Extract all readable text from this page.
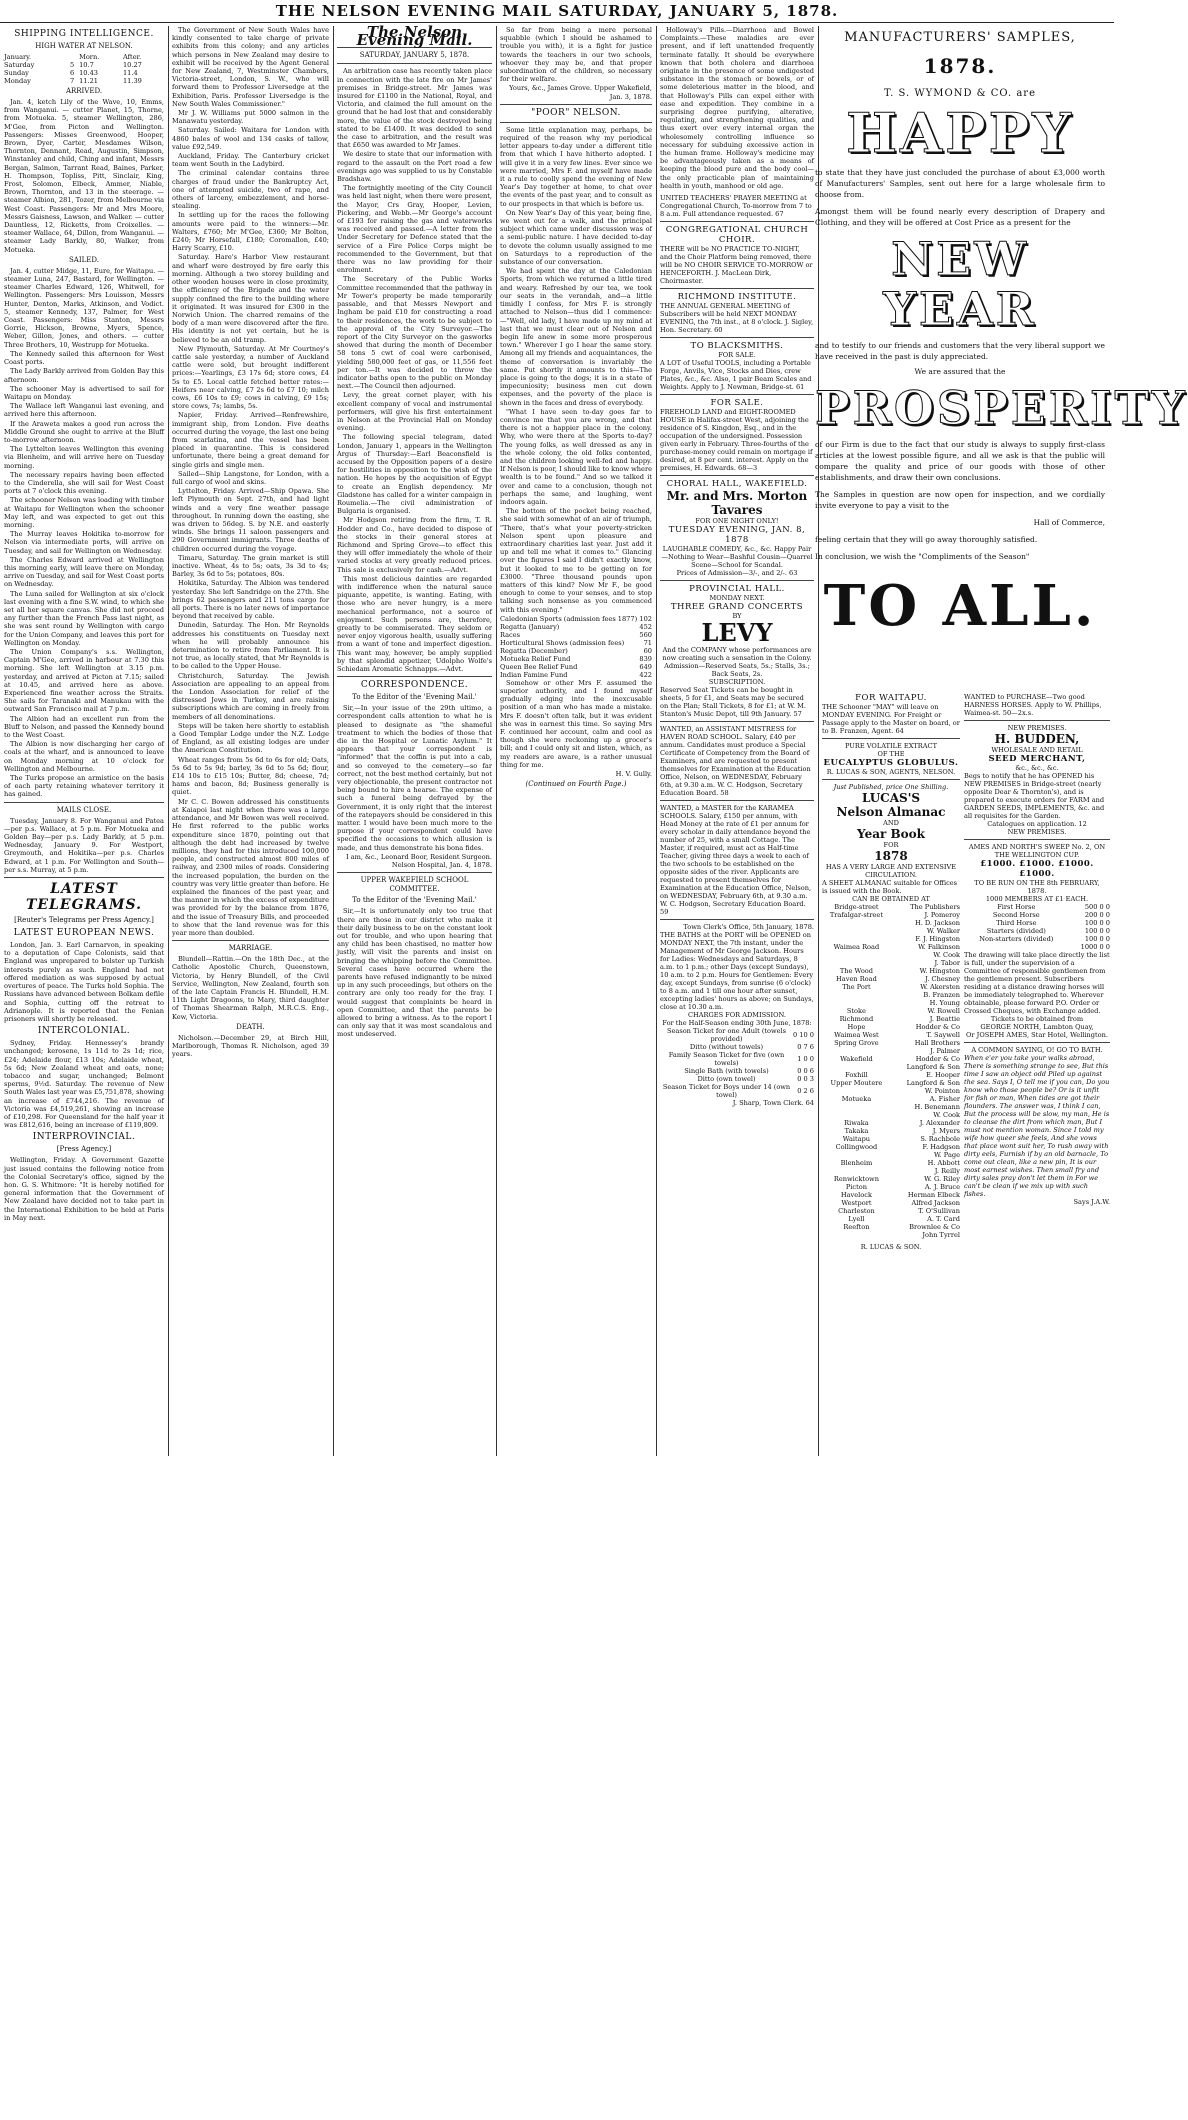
THE NELSON EVENING MAIL SATURDAY, JANUARY 5, 1878.
SHIPPING INTELLIGENCE.
HIGH WATER AT NELSON.
January.		Morn.	After.
Saturday	5	10.7	10.27
Sunday	6	10.43	11.4
Monday	7	11.21	11.39
ARRIVED.

Jan. 4, ketch Lily of the Wave, 10, Emms, from Wanganui. — cutter Planet, 15, Thorne, from Motueka. 5, steamer Wellington, 286, M'Gee, from Picton and Wellington. Passengers: Misses Greenwood, Hooper, Brown, Dyer, Carter, Mesdames Wilson, Thornton, Dennant, Read, Augustin, Simpson, Winstanley and child, Ching and infant, Messrs Bergan, Salmon, Tarrant Read, Baines, Parker, H. Thompson, Topliss, Pitt, Sinclair, King, Frost, Solomon, Elbeck, Ammer, Niable, Brown, Thornton, and 13 in the steerage. — steamer Albion, 281, Tozer, from Melbourne via West Coast. Passengers: Mr and Mrs Moore, Messrs Gaisness, Lawson, and Walker. — cutter Dauntless, 12, Ricketts, from Croixelles. — steamer Wallace, 64, Dillon, from Wanganui. — steamer Lady Barkly, 80, Walker, from Motueka.

SAILED.

Jan. 4, cutter Midge, 11, Eure, for Waitapu. — steamer Luna, 247, Bastard, for Wellington. — steamer Charles Edward, 126, Whitwell, for Wellington. Passengers: Mrs Louisson, Messrs Hunter, Denton, Marks, Atkinson, and Vodict. 5, steamer Kennedy, 137, Palmer, for West Coast. Passengers: Miss Stanton, Messrs Gorrie, Hickson, Browne, Myers, Spence, Weber, Gillon, Jones, and others. — cutter Three Brothers, 10, Westrupp for Motueka.

The Kennedy sailed this afternoon for West Coast ports.

The Lady Barkly arrived from Golden Bay this afternoon.

The schooner May is advertised to sail for Waitapu on Monday.

The Wallace left Wanganui last evening, and arrived here this afternoon.

If the Araweta makes a good run across the Middle Ground she ought to arrive at the Bluff to-morrow afternoon.

The Lyttelton leaves Wellington this evening via Blenheim, and will arrive here on Tuesday morning.

The necessary repairs having been effected to the Cinderella, she will sail for West Coast ports at 7 o'clock this evening.

The schooner Nelson was loading with timber at Waitapu for Wellington when the schooner May left, and was expected to get out this morning.

The Murray leaves Hokitika to-morrow for Nelson via intermediate ports, will arrive on Tuesday, and sail for Wellington on Wednesday.

The Charles Edward arrived at Wellington this morning early, will leave there on Monday, arrive on Tuesday, and sail for West Coast ports on Wednesday.

The Luna sailed for Wellington at six o'clock last evening with a fine S.W. wind, to which she set all her square canvas. She did not proceed any further than the French Pass last night, as she was sent round by Wellington with cargo for the Union Company, and leaves this port for Wellington on Monday.

The Union Company's s.s. Wellington, Captain M'Gee, arrived in harbour at 7.30 this morning. She left Wellington at 3.15 p.m. yesterday, and arrived at Picton at 7.15; sailed at 10.45, and arrived here as above. Experienced fine weather across the Straits. She sails for Taranaki and Manukau with the outward San Francisco mail at 7 p.m.

The Albion had an excellent run from the Bluff to Nelson, and passed the Kennedy bound to the West Coast.

The Albion is now discharging her cargo of coals at the wharf, and is announced to leave on Monday morning at 10 o'clock for Wellington and Melbourne.

The Turks propose an armistice on the basis of each party retaining whatever territory it has gained.

MAILS CLOSE.

Tuesday, January 8. For Wanganui and Patea—per p.s. Wallace, at 5 p.m. For Motueka and Golden Bay—per p.s. Lady Barkly, at 5 p.m. Wednesday, January 9. For Westport, Greymouth, and Hokitika—per p.s. Charles Edward, at 1 p.m. For Wellington and South—per s.s. Murray, at 5 p.m.

LATEST TELEGRAMS.
[Reuter's Telegrams per Press Agency.]
LATEST EUROPEAN NEWS.

London, Jan. 3. Earl Carnarvon, in speaking to a deputation of Cape Colonists, said that England was unprepared to bolster up Turkish interests purely as such. England had not offered mediation as was supposed by actual overtures of peace. The Turks hold Sophia. The Russians have advanced between Bolkam defile and Sophia, cutting off the retreat to Adrianople. It is reported that the Fenian prisoners will shortly be released.

INTERCOLONIAL.

Sydney, Friday. Hennessey's brandy unchanged; kerosene, 1s 11d to 2s 1d; rice, £24; Adelaide flour, £13 10s; Adelaide wheat, 5s 6d; New Zealand wheat and oats, none; tobacco and sugar, unchanged; Belmont sperms, 9½d. Saturday. The revenue of New South Wales last year was £5,751,878, showing an increase of £744,216. The revenue of Victoria was £4,519,261, showing an increase of £10,298. For Queensland for the half year it was £812,616, being an increase of £119,809.

INTERPROVINCIAL.
[Press Agency.]

Wellington, Friday. A Government Gazette just issued contains the following notice from the Colonial Secretary's office, signed by the hon. G. S. Whitmore: "It is hereby notified for general information that the Government of New Zealand have decided not to take part in the International Exhibition to be held at Paris in May next.

The Government of New South Wales have kindly consented to take charge of private exhibits from this colony; and any articles which persons in New Zealand may desire to exhibit will be received by the Agent General for New Zealand, 7, Westminster Chambers, Victoria-street, London, S. W., who will forward them to Professor Liversedge at the Exhibition, Paris. Professor Liversedge is the New South Wales Commissioner."

Mr J. W. Williams put 5000 salmon in the Manawatu yesterday.

Saturday. Sailed: Waitara for London with 4860 bales of wool and 134 casks of tallow, value £92,549.

Auckland, Friday. The Canterbury cricket team went South in the Ladybird.

The criminal calendar contains three charges of fraud under the Bankruptcy Act, one of attempted suicide, two of rape, and others of larceny, embezzlement, and horse-stealing.

In settling up for the races the following amounts were paid to the winners:—Mr. Walters, £760; Mr M'Gee, £360; Mr Bolton, £240; Mr Horsefall, £180; Coromallon, £40; Harry Scarry, £10.

Saturday. Hare's Harbor View restaurant and wharf were destroyed by fire early this morning. Although a two storey building and other wooden houses were in close proximity, the efficiency of the Brigade and the water supply confined the fire to the building where it originated. It was insured for £300 in the Norwich Union. The charred remains of the body of a man were discovered after the fire. His identity is not yet certain, but he is believed to be an old tramp.

New Plymouth, Saturday. At Mr Courtney's cattle sale yesterday, a number of Auckland cattle were sold, but brought indifferent prices:—Yearlings, £3 17s 6d; store cows, £4 5s to £5. Local cattle fetched better rates:—Heifers near calving, £7 2s 6d to £7 10; milch cows, £6 10s to £9; cows in calving, £9 15s; store cows, 7s; lambs, 5s.

Napier, Friday. Arrived—Renfrewshire, immigrant ship, from London. Five deaths occurred during the voyage, the last one being from scarlatina, and the vessel has been placed in quarantine. This is considered unfortunate, there being a great demand for single girls and single men.

Sailed—Ship Langstone, for London, with a full cargo of wool and skins.

Lyttelton, Friday. Arrived—Ship Opawa. She left Plymouth on Sept. 27th, and had light winds and a very fine weather passage throughout. In running down the easting, she was driven to 56deg. S. by N.E. and easterly winds. She brings 11 saloon passengers and 290 Government immigrants. Three deaths of children occurred during the voyage.

Timaru, Saturday. The grain market is still inactive. Wheat, 4s to 5s; oats, 3s 3d to 4s; Barley, 3s 6d to 5s; potatoes, 80s.

Hokitika, Saturday. The Albion was tendered yesterday. She left Sandridge on the 27th. She brings 62 passengers and 211 tons cargo for all ports. There is no later news of importance beyond that received by cable.

Dunedin, Saturday. The Hon. Mr Reynolds addresses his constituents on Tuesday next when he will probably announce his determination to retire from Parliament. It is not true, as locally stated, that Mr Reynolds is to be called to the Upper House.

Christchurch, Saturday. The Jewish Association are appealing to an appeal from the London Association for relief of the distressed Jews in Turkey, and are raising subscriptions which are coming in freely from members of all denominations.

Steps will be taken here shortly to establish a Good Templar Lodge under the N.Z. Lodge of England, as all existing lodges are under the American Constitution.

Wheat ranges from 5s 6d to 6s for old; Oats, 5s 6d to 5s 9d; barley, 3s 6d to 5s 6d; flour, £14 10s to £15 10s; Butter, 8d; cheese, 7d; hams and bacon, 8d; Business generally is quiet.

Mr C. C. Bowen addressed his constituents at Kaiapoi last night when there was a large attendance, and Mr Bowen was well received. He first referred to the public works expenditure since 1870, pointing out that although the debt had increased by twelve millions, they had for this introduced 100,000 people, and constructed almost 800 miles of railway, and 2300 miles of roads. Considering the increased population, the burden on the country was very little greater than before. He explained the finances of the past year, and the manner in which the excess of expenditure was provided for by the balance from 1876, and the issue of Treasury Bills, and proceeded to show that the land revenue was for this year more than doubled.

MARRIAGE.

Blundell—Rattin.—On the 18th Dec., at the Catholic Apostolic Church, Queenstown, Victoria, by Henry Blundell, of the Civil Service, Wellington, New Zealand, fourth son of the late Captain Francis H. Blundell, H.M. 11th Light Dragoons, to Mary, third daughter of Thomas Shearman Ralph, M.R.C.S. Eng., Kew, Victoria.

DEATH.

Nicholson.—December 29, at Birch Hill, Marlborough, Thomas R. Nicholson, aged 39 years.

The Nelson Evening Mail.
SATURDAY, JANUARY 5, 1878.

An arbitration case has recently taken place in connection with the late fire on Mr James' premises in Bridge-street. Mr James was insured for £1100 in the National, Royal, and Victoria, and claimed the full amount on the ground that he had lost that and considerably more, the value of the stock destroyed being stated to be £1400. It was decided to send the case to arbitration, and the result was that £650 was awarded to Mr James.

We desire to state that our information with regard to the assault on the Port road a few evenings ago was supplied to us by Constable Bradshaw.

The fortnightly meeting of the City Council was held last night, when there were present, the Mayor, Crs Gray, Hooper, Levien, Pickering, and Webb.—Mr George's account of £193 for raising the gas and waterworks was received and passed.—A letter from the Under Secretary for Defence stated that the service of a Fire Police Corps might be recommended to the Government, but that there was no law providing for their enrolment.

The Secretary of the Public Works Committee recommended that the pathway in Mr Tower's property be made temporarily passable, and that Messrs Newport and Ingham be paid £10 for constructing a road to their residences, the work to be subject to the approval of the City Surveyor.—The report of the City Surveyor on the gasworks showed that during the month of December 58 tons 5 cwt of coal were carbonised, yielding 580,000 feet of gas, or 11,556 feet per ton.—It was decided to throw the indicator baths open to the public on Monday next.—The Council then adjourned.

Levy, the great cornet player, with his excellent company of vocal and instrumental performers, will give his first entertainment in Nelson at the Provincial Hall on Monday evening.

The following special telegram, dated London, January 1, appears in the Wellington Argus of Thursday:—Earl Beaconsfield is accused by the Opposition papers of a desire for hostilities in opposition to the wish of the nation. He hopes by the acquisition of Egypt to create an English dependency. Mr Gladstone has called for a winter campaign in Roumelia.—The civil administration of Bulgaria is organised.

Mr Hodgson retiring from the firm, T. R. Hodder and Co., have decided to dispose of the stocks in their general stores at Richmond and Spring Grove—to effect this they will offer immediately the whole of their varied stocks at very greatly reduced prices. This sale is exclusively for cash.—Advt.

This most delicious dainties are regarded with indifference when the natural sauce piquante, appetite, is wanting. Eating, with those who are never hungry, is a mere mechanical performance, not a source of enjoyment. Such persons are, therefore, greatly to be commiserated. They seldom or never enjoy vigorous health, usually suffering from a want of tone and imperfect digestion. This want may, however, be amply supplied by that splendid appetizer, Udolpho Wolfe's Schiedam Aromatic Schnapps.—Advt.

CORRESPONDENCE.
To the Editor of the 'Evening Mail.'

Sir,—In your issue of the 29th ultimo, a correspondent calls attention to what he is pleased to designate as "the shameful treatment to which the bodies of those that die in the Hospital or Lunatic Asylum." It appears that your correspondent is "informed" that the coffin is put into a cab, and so conveyed to the cemetery—so far correct, not the best method certainly, but not very objectionable, the present contractor not being bound to hire a hearse. The expense of such a funeral being defrayed by the Government, it is only right that the interest of the ratepayers should be considered in this matter. I would have been much more to the purpose if your correspondent could have specified the occasions to which allusion is made, and thus demonstrate his bona fides.

I am, &c., Leonard Boor, Resident Surgeon. Nelson Hospital, Jan. 4, 1878.

UPPER WAKEFIELD SCHOOL COMMITTEE.
To the Editor of the 'Evening Mail.'

Sir,—It is unfortunately only too true that there are those in our district who make it their daily business to be on the constant look out for trouble, and who upon hearing that any child has been chastised, no matter how justly, will visit the parents and insist on bringing the whipping before the Committee. Several cases have occurred where the parents have refused indignantly to be mixed up in any such proceedings, but others on the contrary are only too ready for the fray. I would suggest that complaints be heard in open Committee, and that the parents be allowed to bring a witness. As to the report I can only say that it was most scandalous and most undeserved.

So far from being a mere personal squabble (which I should be ashamed to trouble you with), it is a fight for justice towards the teachers in our two schools, whoever they may be, and that proper subordination of the children, so necessary for their welfare.

Yours, &c., James Grove. Upper Wakefield, Jan. 3, 1878.

"POOR" NELSON.

Some little explanation may, perhaps, be required of the reason why my periodical letter appears to-day under a different title from that which I have hitherto adopted. I will give it in a very few lines. Ever since we were married, Mrs F. and myself have made it a rule to coolly spend the evening of New Year's Day together at home, to chat over the events of the past year, and to consult as to our prospects in that which is before us.

On New Year's Day of this year, being fine, we went out for a walk, and the principal subject which came under discussion was of a semi-public nature. I have decided to-day to devote the column usually assigned to me on Saturdays to a reproduction of the substance of our conversation.

We had spent the day at the Caledonian Sports, from which we returned a little tired and weary. Refreshed by our tea, we took our seats in the verandah, and—a little timidly I confess, for Mrs F. is strongly attached to Nelson—thus did I commence:—"Well, old lady, I have made up my mind at last that we must clear out of Nelson and begin life anew in some more prosperous town." Wherever I go I hear the same story. Among all my friends and acquaintances, the theme of conversation is invariably the same. Put shortly it amounts to this—The place is going to the dogs; it is in a state of impecuniosity; business men cut down expenses, and the poverty of the place is shown in the faces and dress of everybody.

"What I have seen to-day goes far to convince me that you are wrong, and that there is not a happier place in the colony. Why, who were there at the Sports to-day? The young folks, as well dressed as any in the whole colony, the old folks contented, and the children looking well-fed and happy. If Nelson is poor, I should like to know where wealth is to be found." And so we talked it over and came to a conclusion, though not perhaps the same, and laughing, went indoors again.

The bottom of the pocket being reached, she said with somewhat of an air of triumph, "There, that's what your poverty-stricken Nelson spent upon pleasure and extraordinary charities last year. Just add it up and tell me what it comes to." Glancing over the figures I said I didn't exactly know, but it looked to me to be getting on for £3000. "Three thousand pounds upon matters of this kind? Now Mr F., be good enough to come to your senses, and to stop talking such nonsense as you commenced with this evening."

Caledonian Sports (admission fees 1877)	102
Regatta (January)	452
Races	560
Horticultural Shows (admission fees)	71
Regatta (December)	60
Motueka Relief Fund	839
Queen Bee Relief Fund	649
Indian Famine Fund	422

Somehow or other Mrs F. assumed the superior authority, and I found myself gradually edging into the inexcusable position of a man who has made a mistake. Mrs F. doesn't often talk, but it was evident she was in earnest this time. So saying Mrs F. continued her account, calm and cool as though she were reckoning up a grocer's bill; and I could only sit and listen, which, as my readers are aware, is a rather unusual thing for me.

H. V. Gully.

(Continued on Fourth Page.)

Holloway's Pills.—Diarrhoea and Bowel Complaints.—These maladies are ever present, and if left unattended frequently terminate fatally. It should be everywhere known that both cholera and diarrhoea originate in the presence of some undigested substance in the stomach or bowels, or of some deleterious matter in the blood, and that Holloway's Pills can expel either with ease and expedition. They combine in a surprising degree purifying, alterative, regulating, and strengthening qualities, and thus exert over every internal organ the wholesomely controlling influence so necessary for subduing excessive action in the human frame. Holloway's medicine may be advantageously taken as a means of keeping the blood pure and the body cool—the only practicable plan of maintaining health in youth, manhood or old age.

UNITED TEACHERS' PRAYER MEETING at Congregational Church, To-morrow from 7 to 8 a.m. Full attendance requested. 67
CONGREGATIONAL CHURCH CHOIR.
THERE will be NO PRACTICE TO-NIGHT, and the Choir Platform being removed, there will be NO CHOIR SERVICE TO-MORROW or HENCEFORTH. J. MacLean Dirk, Choirmaster.
RICHMOND INSTITUTE.
THE ANNUAL GENERAL MEETING of Subscribers will be held NEXT MONDAY EVENING, the 7th inst., at 8 o'clock. J. Sigley, Hon. Secretary. 60
TO BLACKSMITHS.
FOR SALE.
A LOT of Useful TOOLS, including a Portable Forge, Anvils, Vice, Stocks and Dies, crew Plates, &c., &c. Also, 1 pair Beam Scales and Weights. Apply to J. Newman, Bridge-st. 61
FOR SALE.
FREEHOLD LAND and EIGHT-ROOMED HOUSE in Halifax-street West, adjoining the residence of S. Kingdon, Esq., and in the occupation of the undersigned. Possession given early in February. Three-fourths of the purchase-money could remain on mortgage if desired, at 8 per cent. interest. Apply on the premises, H. Edwards. 68—3
CHORAL HALL, WAKEFIELD.
Mr. and Mrs. Morton Tavares
FOR ONE NIGHT ONLY!
TUESDAY EVENING, JAN. 8, 1878
LAUGHABLE COMEDY, &c., &c. Happy Pair—Nothing to Wear—Bashful Cousin—Quarrel Scene—School for Scandal.
Prices of Admission—3/-, and 2/-. 63
PROVINCIAL HALL.
MONDAY NEXT.
THREE GRAND CONCERTS
BY
LEVY
And the COMPANY whose performances are now creating such a sensation in the Colony.
Admission—Reserved Seats, 5s.; Stalls, 3s.; Back Seats, 2s.
SUBSCRIPTION.
Reserved Seat Tickets can be bought in sheets, 5 for £1, and Seats may be secured on the Plan; Stall Tickets, 8 for £1; at W. M. Stanton's Music Depot, till 9th January. 57
WANTED, an ASSISTANT MISTRESS for HAVEN ROAD SCHOOL. Salary, £40 per annum. Candidates must produce a Special Certificate of Competency from the Board of Examiners, and are requested to present themselves for Examination at the Education Office, Nelson, on WEDNESDAY, February 6th, at 9.30 a.m. W. C. Hodgson, Secretary Education Board. 58
WANTED, a MASTER for the KARAMEA SCHOOLS. Salary, £150 per annum, with Head Money at the rate of £1 per annum for every scholar in daily attendance beyond the number of 25, with a small Cottage. The Master, if required, must act as Half-time Teacher, giving three days a week to each of the two schools to be established on the opposite sides of the river. Applicants are requested to present themselves for Examination at the Education Office, Nelson, on WEDNESDAY, February 6th, at 9.30 a.m. W. C. Hodgson, Secretary Education Board. 59
Town Clerk's Office, 5th January, 1878.
THE BATHS at the PORT will be OPENED on MONDAY NEXT, the 7th instant, under the Management of Mr George Jackson. Hours for Ladies: Wednesdays and Saturdays, 8 a.m. to 1 p.m.; other Days (except Sundays), 10 a.m. to 2 p.m. Hours for Gentlemen: Every day, except Sundays, from sunrise (6 o'clock) to 8 a.m. and 1 till one hour after sunset, excepting ladies' hours as above; on Sundays, close at 10.30 a.m.
CHARGES FOR ADMISSION.
For the Half-Season ending 30th June, 1878:
Season Ticket for one Adult (towels provided)	0 10 0
Ditto (without towels)	0 7 6
Family Season Ticket for five (own towels)	1 0 0
Single Bath (with towels)	0 0 6
Ditto (own towel)	0 0 3
Season Ticket for Boys under 14 (own towel)	0 2 6
J. Sharp, Town Clerk. 64
FOR WAITAPU.
THE Schooner "MAY" will leave on MONDAY EVENING. For Freight or Passage apply to the Master on board, or to B. Franzen, Agent. 64
PURE VOLATILE EXTRACT
OF THE
EUCALYPTUS GLOBULUS.
R. LUCAS & SON, AGENTS, NELSON.
Just Published, price One Shilling.
LUCAS'S
Nelson Almanac
AND
Year Book
FOR
1878
HAS A VERY LARGE AND EXTENSIVE CIRCULATION.
A SHEET ALMANAC suitable for Offices is issued with the Book.
CAN BE OBTAINED AT
Bridge-street	The Publishers
Trafalgar-street	J. Pomeroy
	H. D. Jackson
	W. Walker
	F. J. Hingston
Waimea Road	W. Falkinson
	W. Cook
	J. Tabor
The Wood	W. Hingston
Haven Road	J. Chesney
The Port	W. Akersten
	B. Franzen
	H. Young
Stoke	W. Rowell
Richmond	J. Beattie
Hope	Hodder & Co
Waimea West	T. Saywell
Spring Grove	Hall Brothers
	J. Palmer
Wakefield	Hodder & Co
	Langford & Son
Foxhill	E. Hooper
Upper Moutere	Langford & Son
	W. Pointon
Motueka	A. Fisher
	H. Benemann
	W. Cook
Riwaka	J. Alexander
Takaka	J. Myers
Waitapu	S. Rachbole
Collingwood	F. Hadgson
	W. Page
Blenheim	H. Abbott
	J. Reilly
Renwicktown	W. G. Riley
Picton	A. J. Bruce
Havelock	Herman Elbeck
Westport	Alfred Jackson
Charleston	T. O'Sullivan
Lyell	A. T. Card
Reefton	Brownlee & Co
	John Tyrrel
R. LUCAS & SON.
WANTED to PURCHASE—Two good HARNESS HORSES. Apply to W. Phillips, Waimea-st. 50—2x.s.
NEW PREMISES.
H. BUDDEN,
WHOLESALE AND RETAIL
SEED MERCHANT,
&c., &c., &c.
Begs to notify that he has OPENED his NEW PREMISES in Bridge-street (nearly opposite Dear & Thornton's), and is prepared to execute orders for FARM and GARDEN SEEDS, IMPLEMENTS, &c. and all requisites for the Garden.
Catalogues on application. 12
NEW PREMISES.
AMES AND NORTH'S SWEEP No. 2, ON THE WELLINGTON CUP.
£1000. £1000. £1000. £1000.
TO BE RUN ON THE 8th FEBRUARY, 1878.
1000 MEMBERS AT £1 EACH.
First Horse	500 0 0
Second Horse	200 0 0
Third Horse	100 0 0
Starters (divided)	100 0 0
Non-starters (divided)	100 0 0
	1000 0 0
The drawing will take place directly the list is full, under the supervision of a Committee of responsible gentlemen from the gentlemen present. Subscribers residing at a distance drawing horses will be immediately telegraphed to. Wherever obtainable, please forward P.O. Order or Crossed Cheques, with Exchange added.
Tickets to be obtained from
GEORGE NORTH, Lambton Quay,
Or JOSEPH AMES, Star Hotel, Wellington.
A COMMON SAYING, O! GO TO BATH.
When e'er you take your walks abroad, There is something strange to see, But this time I saw an object odd Piled up against the sea. Says I, O tell me if you can, Do you know who those people be? Or is it unfit for fish or man, When tides are got their flounders. The answer was, I think I can, But the process will be slow, my man, He is to cleanse the dirt from which man, But I must not mention woman. Since I told my wife how queer she feels, And she vows that place wont suit her, To rush away with dirty eels, Furnish if by an old barnacle, To come out clean, like a new pin, It is our most earnest wishes. Then small fry and dirty sales pray don't let them in For we can't be clean if we mix up with such fishes.
Says J.A.W.
MANUFACTURERS' SAMPLES,
1878.
T. S. WYMOND & CO. are
HAPPY
to state that they have just concluded the purchase of about £3,000 worth of Manufacturers' Samples, sent out here for a large wholesale firm to choose from.
Amongst them will be found nearly every description of Drapery and Clothing, and they will be offered at Cost Price as a present for the
NEW YEAR
and to testify to our friends and customers that the very liberal support we have received in the past is duly appreciated.
We are assured that the
PROSPERITY
of our Firm is due to the fact that our study is always to supply first-class articles at the lowest possible figure, and all we ask is that the public will compare the quality and price of our goods with those of other establishments, and draw their own conclusions.
The Samples in question are now open for inspection, and we cordially invite everyone to pay a visit to the
Hall of Commerce,
feeling certain that they will go away thoroughly satisfied.
In conclusion, we wish the "Compliments of the Season"
TO ALL.
